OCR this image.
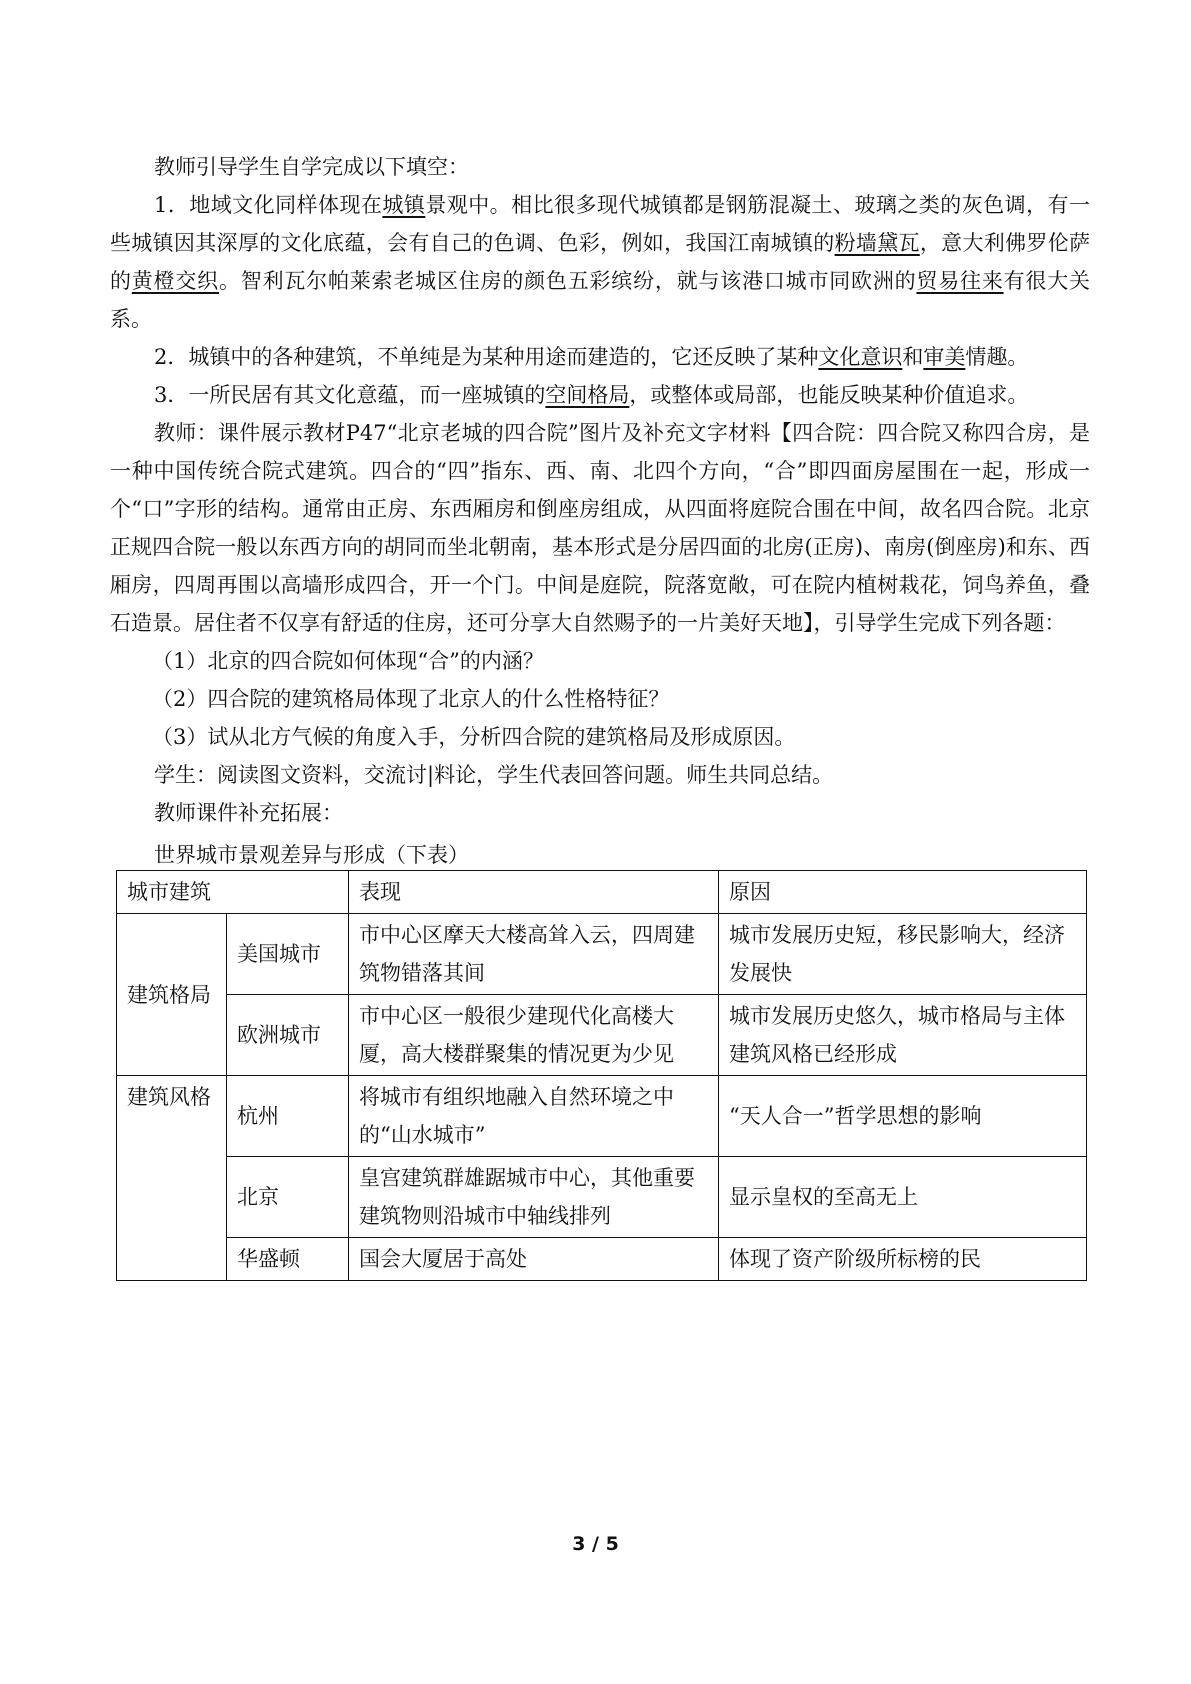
教师引导学生自学完成以下填空：

1．地域文化同样体现在城镇景观中。相比很多现代城镇都是钢筋混凝土、玻璃之类的灰色调，有一些城镇因其深厚的文化底蕴，会有自己的色调、色彩，例如，我国江南城镇的粉墙黛瓦，意大利佛罗伦萨的黄橙交织。智利瓦尔帕莱索老城区住房的颜色五彩缤纷，就与该港口城市同欧洲的贸易往来有很大关系。

2．城镇中的各种建筑，不单纯是为某种用途而建造的，它还反映了某种文化意识和审美情趣。

3．一所民居有其文化意蕴，而一座城镇的空间格局，或整体或局部，也能反映某种价值追求。

教师：课件展示教材P47“北京老城的四合院”图片及补充文字材料【四合院：四合院又称四合房，是一种中国传统合院式建筑。四合的“四”指东、西、南、北四个方向，“合”即四面房屋围在一起，形成一个“口”字形的结构。通常由正房、东西厢房和倒座房组成，从四面将庭院合围在中间，故名四合院。北京正规四合院一般以东西方向的胡同而坐北朝南，基本形式是分居四面的北房(正房)、南房(倒座房)和东、西厢房，四周再围以高墙形成四合，开一个门。中间是庭院，院落宽敞，可在院内植树栽花，饲鸟养鱼，叠石造景。居住者不仅享有舒适的住房，还可分享大自然赐予的一片美好天地】，引导学生完成下列各题：

（1）北京的四合院如何体现“合”的内涵？

（2）四合院的建筑格局体现了北京人的什么性格特征？

（3）试从北方气候的角度入手，分析四合院的建筑格局及形成原因。

学生：阅读图文资料，交流讨|料论，学生代表回答问题。师生共同总结。

教师课件补充拓展：

世界城市景观差异与形成（下表）

城市建筑		表现	原因
建筑格局	美国城市	市中心区摩天大楼高耸入云，四周建筑物错落其间	城市发展历史短，移民影响大，经济发展快
	欧洲城市	市中心区一般很少建现代化高楼大厦，高大楼群聚集的情况更为少见	城市发展历史悠久，城市格局与主体建筑风格已经形成
建筑风格	杭州	将城市有组织地融入自然环境之中的“山水城市”	“天人合一”哲学思想的影响
	北京	皇宫建筑群雄踞城市中心，其他重要建筑物则沿城市中轴线排列	显示皇权的至高无上
	华盛顿	国会大厦居于高处	体现了资产阶级所标榜的民
3 / 5
